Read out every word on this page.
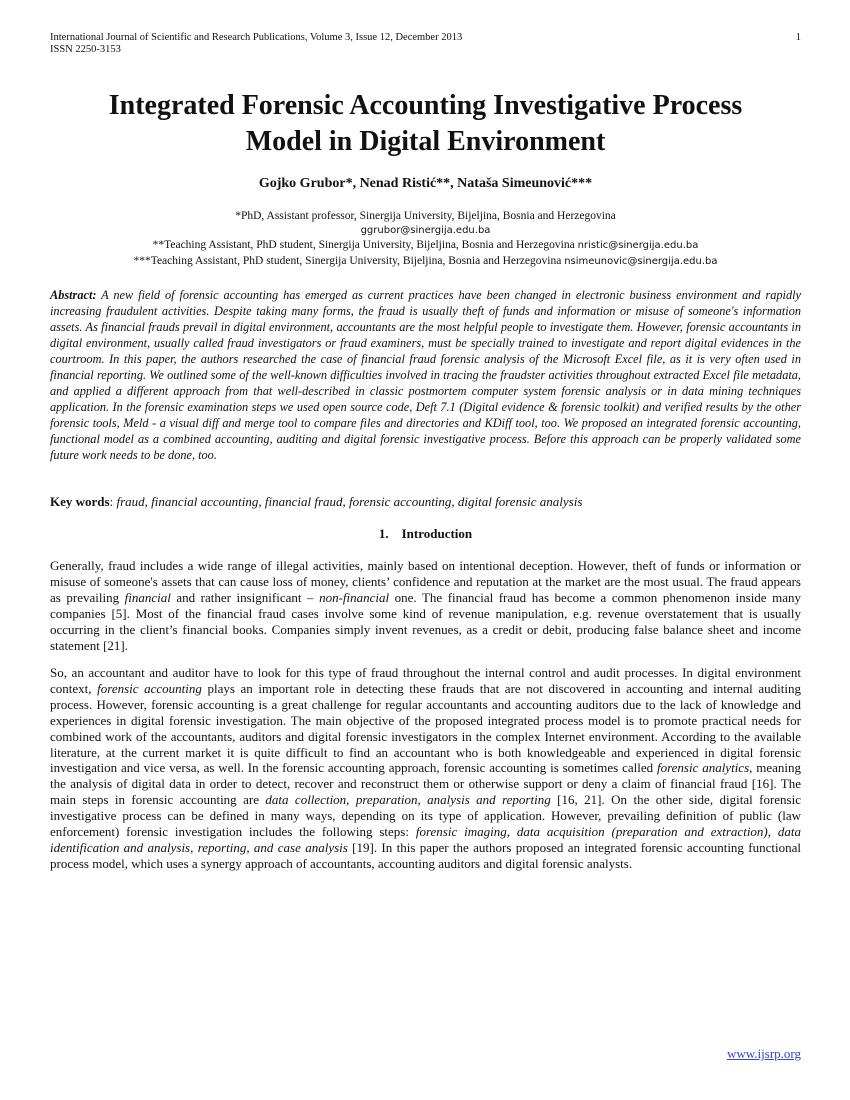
International Journal of Scientific and Research Publications, Volume 3, Issue 12, December 2013
ISSN 2250-3153
1
Integrated Forensic Accounting Investigative Process
Model in Digital Environment
Gojko Grubor*, Nenad Ristić**, Nataša Simeunović***
*PhD, Assistant professor, Sinergija University, Bijeljina, Bosnia and Herzegovina
ggrubor@sinergija.edu.ba
**Teaching Assistant, PhD student, Sinergija University, Bijeljina, Bosnia and Herzegovina nristic@sinergija.edu.ba
***Teaching Assistant, PhD student, Sinergija University, Bijeljina, Bosnia and Herzegovina nsimeunovic@sinergija.edu.ba

Abstract: A new field of forensic accounting has emerged as current practices have been changed in electronic business environment and rapidly increasing fraudulent activities. Despite taking many forms, the fraud is usually theft of funds and information or misuse of someone's information assets. As financial frauds prevail in digital environment, accountants are the most helpful people to investigate them. However, forensic accountants in digital environment, usually called fraud investigators or fraud examiners, must be specially trained to investigate and report digital evidences in the courtroom. In this paper, the authors researched the case of financial fraud forensic analysis of the Microsoft Excel file, as it is very often used in financial reporting. We outlined some of the well-known difficulties involved in tracing the fraudster activities throughout extracted Excel file metadata, and applied a different approach from that well-described in classic postmortem computer system forensic analysis or in data mining techniques application. In the forensic examination steps we used open source code, Deft 7.1 (Digital evidence & forensic toolkit) and verified results by the other forensic tools, Meld - a visual diff and merge tool to compare files and directories and KDiff tool, too. We proposed an integrated forensic accounting, functional model as a combined accounting, auditing and digital forensic investigative process. Before this approach can be properly validated some future work needs to be done, too.

Key words: fraud, financial accounting, financial fraud, forensic accounting, digital forensic analysis

1. Introduction

Generally, fraud includes a wide range of illegal activities, mainly based on intentional deception. However, theft of funds or information or misuse of someone's assets that can cause loss of money, clients’ confidence and reputation at the market are the most usual. The fraud appears as prevailing financial and rather insignificant – non-financial one. The financial fraud has become a common phenomenon inside many companies [5]. Most of the financial fraud cases involve some kind of revenue manipulation, e.g. revenue overstatement that is usually occurring in the client’s financial books. Companies simply invent revenues, as a credit or debit, producing false balance sheet and income statement [21].

So, an accountant and auditor have to look for this type of fraud throughout the internal control and audit processes. In digital environment context, forensic accounting plays an important role in detecting these frauds that are not discovered in accounting and internal auditing process. However, forensic accounting is a great challenge for regular accountants and accounting auditors due to the lack of knowledge and experiences in digital forensic investigation. The main objective of the proposed integrated process model is to promote practical needs for combined work of the accountants, auditors and digital forensic investigators in the complex Internet environment. According to the available literature, at the current market it is quite difficult to find an accountant who is both knowledgeable and experienced in digital forensic investigation and vice versa, as well. In the forensic accounting approach, forensic accounting is sometimes called forensic analytics, meaning the analysis of digital data in order to detect, recover and reconstruct them or otherwise support or deny a claim of financial fraud [16]. The main steps in forensic accounting are data collection, preparation, analysis and reporting [16, 21]. On the other side, digital forensic investigative process can be defined in many ways, depending on its type of application. However, prevailing definition of public (law enforcement) forensic investigation includes the following steps: forensic imaging, data acquisition (preparation and extraction), data identification and analysis, reporting, and case analysis [19]. In this paper the authors proposed an integrated forensic accounting functional process model, which uses a synergy approach of accountants, accounting auditors and digital forensic analysts.

www.ijsrp.org
